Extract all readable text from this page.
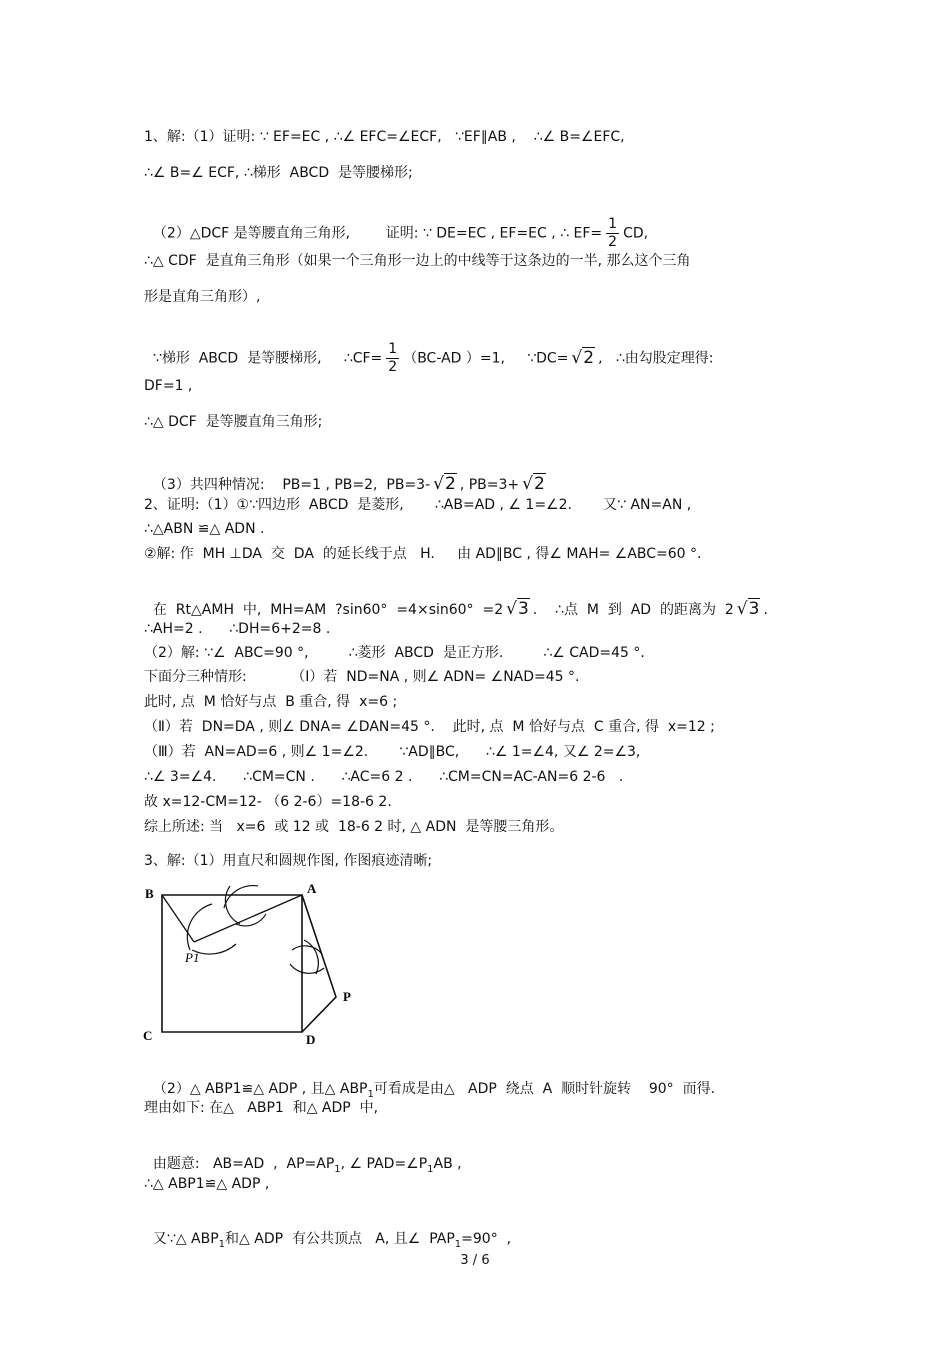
1、解:（1）证明: ∵ EF=EC , ∴∠ EFC=∠ECF,   ∵EF∥AB ,    ∴∠ B=∠EFC,
∴∠ B=∠ ECF, ∴梯形  ABCD  是等腰梯形;

（2）△DCF 是等腰直角三角形,        证明: ∵ DE=EC , EF=EC , ∴ $EF= \frac{1}{2}$ CD,

∴△ CDF  是直角三角形（如果一个三角形一边上的中线等于这条边的一半, 那么这个三角
形是直角三角形）,

∵梯形  ABCD  是等腰梯形,     ∴CF= $\frac{1}{2} (BC-AD$ ）=1,     ∵DC= √2 ,   ∴由勾股定理得:

DF=1 ,
∴△ DCF  是等腰直角三角形;

（3）共四种情况:    PB=1 , PB=2,  PB=3- √2 , PB=3+ √2

2、证明:（1）①∵四边形  ABCD  是菱形,       ∴AB=AD , ∠ 1=∠2.       又∵ AN=AN ,
∴△ABN ≌△ ADN .
②解: 作  MH ⊥DA  交  DA  的延长线于点   H.     由 AD∥BC , 得∠ MAH= ∠ABC=60 °.

在  Rt△AMH  中,  MH=AM  ?sin60°  =4×sin60°  =2 √3 .    ∴点  M  到  AD  的距离为  2 √3 .

∴AH=2 .      ∴DH=6+2=8 .
（2）解: ∵∠  ABC=90 °,         ∴菱形  ABCD  是正方形.         ∴∠ CAD=45 °.
下面分三种情形:          （Ⅰ）若  ND=NA , 则∠ ADN= ∠NAD=45 °.
此时, 点  M 恰好与点  B 重合, 得  x=6 ;
（Ⅱ）若  DN=DA , 则∠ DNA= ∠DAN=45 °.    此时, 点  M 恰好与点  C 重合, 得  x=12 ;
（Ⅲ）若  AN=AD=6 , 则∠ 1=∠2.       ∵AD∥BC,      ∴∠ 1=∠4, 又∠ 2=∠3,
∴∠ 3=∠4.      ∴CM=CN .      ∴AC=6 2 .      ∴CM=CN=AC-AN=6 2-6   .
故 x=12-CM=12- （6 2-6）=18-6 2.
综上所述: 当   x=6  或 12 或  18-6 2 时, △ ADN  是等腰三角形。
3、解:（1）用直尺和圆规作图, 作图痕迹清晰;
B	A
C	D
P
P1

（2）△ ABP1≌△ ADP , 且△ $ABP_1$可看成是由△   ADP  绕点  A  顺时针旋转    90°  而得.

理由如下: 在△   ABP1  和△ ADP  中,

由题意:   AB=AD  ,  $AP=AP_1$, ∠ $PAD=\angle P_1AB$ ,

∴△ ABP1≌△ ADP ,

又∵△ $ABP_1$和△ ADP  有公共顶点   A, 且∠  $PAP_1=90^\circ$  ,

3 / 6
